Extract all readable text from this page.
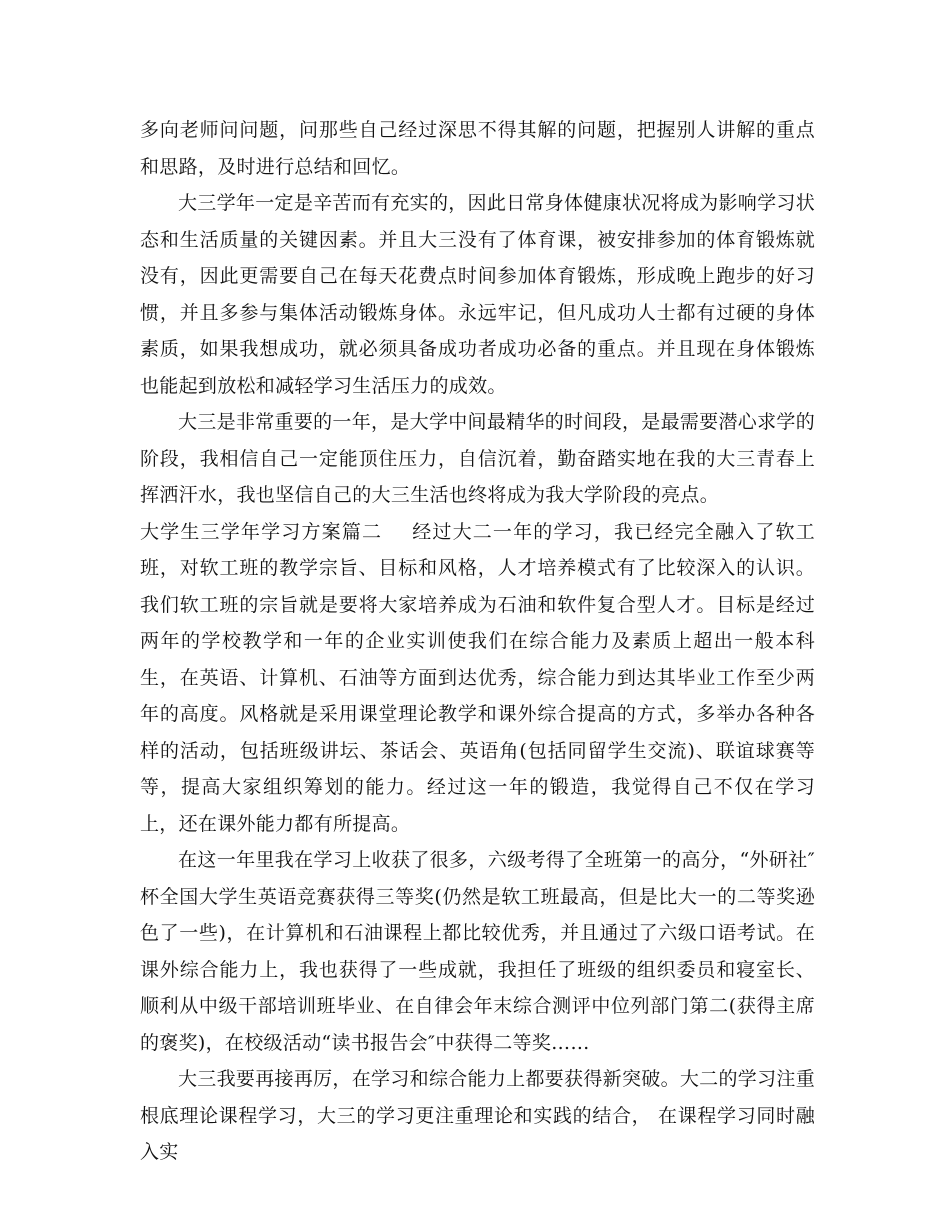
多向老师问问题，问那些自己经过深思不得其解的问题，把握别人讲解的重点和思路，及时进行总结和回忆。

大三学年一定是辛苦而有充实的，因此日常身体健康状况将成为影响学习状态和生活质量的关键因素。并且大三没有了体育课，被安排参加的体育锻炼就没有，因此更需要自己在每天花费点时间参加体育锻炼，形成晚上跑步的好习惯，并且多参与集体活动锻炼身体。永远牢记，但凡成功人士都有过硬的身体素质，如果我想成功，就必须具备成功者成功必备的重点。并且现在身体锻炼也能起到放松和减轻学习生活压力的成效。

大三是非常重要的一年，是大学中间最精华的时间段，是最需要潜心求学的阶段，我相信自己一定能顶住压力，自信沉着，勤奋踏实地在我的大三青春上挥洒汗水，我也坚信自己的大三生活也终将成为我大学阶段的亮点。

大学生三学年学习方案篇二 经过大二一年的学习，我已经完全融入了软工班，对软工班的教学宗旨、目标和风格，人才培养模式有了比较深入的认识。我们软工班的宗旨就是要将大家培养成为石油和软件复合型人才。目标是经过两年的学校教学和一年的企业实训使我们在综合能力及素质上超出一般本科生，在英语、计算机、石油等方面到达优秀，综合能力到达其毕业工作至少两年的高度。风格就是采用课堂理论教学和课外综合提高的方式，多举办各种各样的活动，包括班级讲坛、茶话会、英语角(包括同留学生交流)、联谊球赛等等，提高大家组织筹划的能力。经过这一年的锻造，我觉得自己不仅在学习上，还在课外能力都有所提高。

在这一年里我在学习上收获了很多，六级考得了全班第一的高分，“外研社″杯全国大学生英语竞赛获得三等奖(仍然是软工班最高，但是比大一的二等奖逊色了一些)，在计算机和石油课程上都比较优秀，并且通过了六级口语考试。在课外综合能力上，我也获得了一些成就，我担任了班级的组织委员和寝室长、顺利从中级干部培训班毕业、在自律会年末综合测评中位列部门第二(获得主席的褒奖)，在校级活动“读书报告会″中获得二等奖……

大三我要再接再厉，在学习和综合能力上都要获得新突破。大二的学习注重根底理论课程学习，大三的学习更注重理论和实践的结合， 在课程学习同时融入实
